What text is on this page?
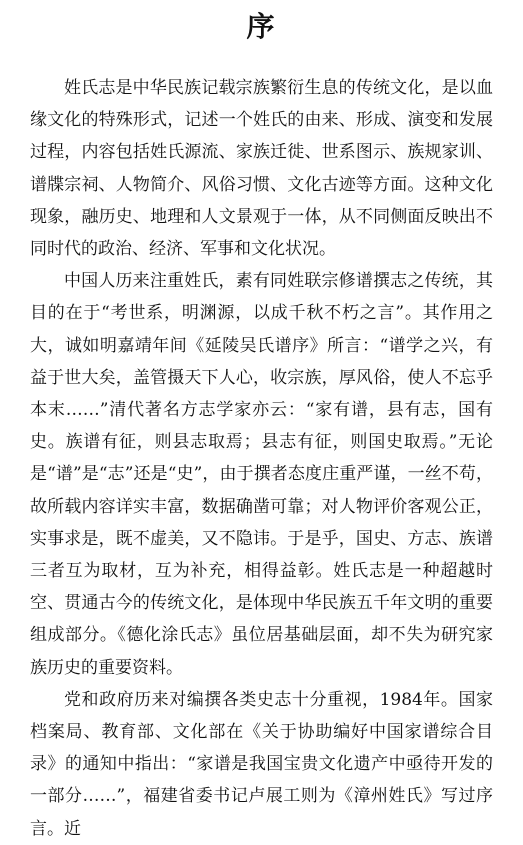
序

姓氏志是中华民族记载宗族繁衍生息的传统文化，是以血缘文化的特殊形式，记述一个姓氏的由来、形成、演变和发展过程，内容包括姓氏源流、家族迁徙、世系图示、族规家训、谱牒宗祠、人物简介、风俗习惯、文化古迹等方面。这种文化现象，融历史、地理和人文景观于一体，从不同侧面反映出不同时代的政治、经济、军事和文化状况。

中国人历来注重姓氏，素有同姓联宗修谱撰志之传统，其目的在于“考世系，明渊源，以成千秋不朽之言”。其作用之大，诚如明嘉靖年间《延陵吴氏谱序》所言：“谱学之兴，有益于世大矣，盖管摄天下人心，收宗族，厚风俗，使人不忘乎本末……”清代著名方志学家亦云：“家有谱，县有志，国有史。族谱有征，则县志取焉；县志有征，则国史取焉。”无论是“谱”是“志”还是“史”，由于撰者态度庄重严谨，一丝不苟，故所载内容详实丰富，数据确凿可靠；对人物评价客观公正，实事求是，既不虚美，又不隐讳。于是乎，国史、方志、族谱三者互为取材，互为补充，相得益彰。姓氏志是一种超越时空、贯通古今的传统文化，是体现中华民族五千年文明的重要组成部分。《德化涂氏志》虽位居基础层面，却不失为研究家族历史的重要资料。

党和政府历来对编撰各类史志十分重视，1984年。国家档案局、教育部、文化部在《关于协助编好中国家谱综合目录》的通知中指出：“家谱是我国宝贵文化遗产中亟待开发的一部分……”，福建省委书记卢展工则为《漳州姓氏》写过序言。近
